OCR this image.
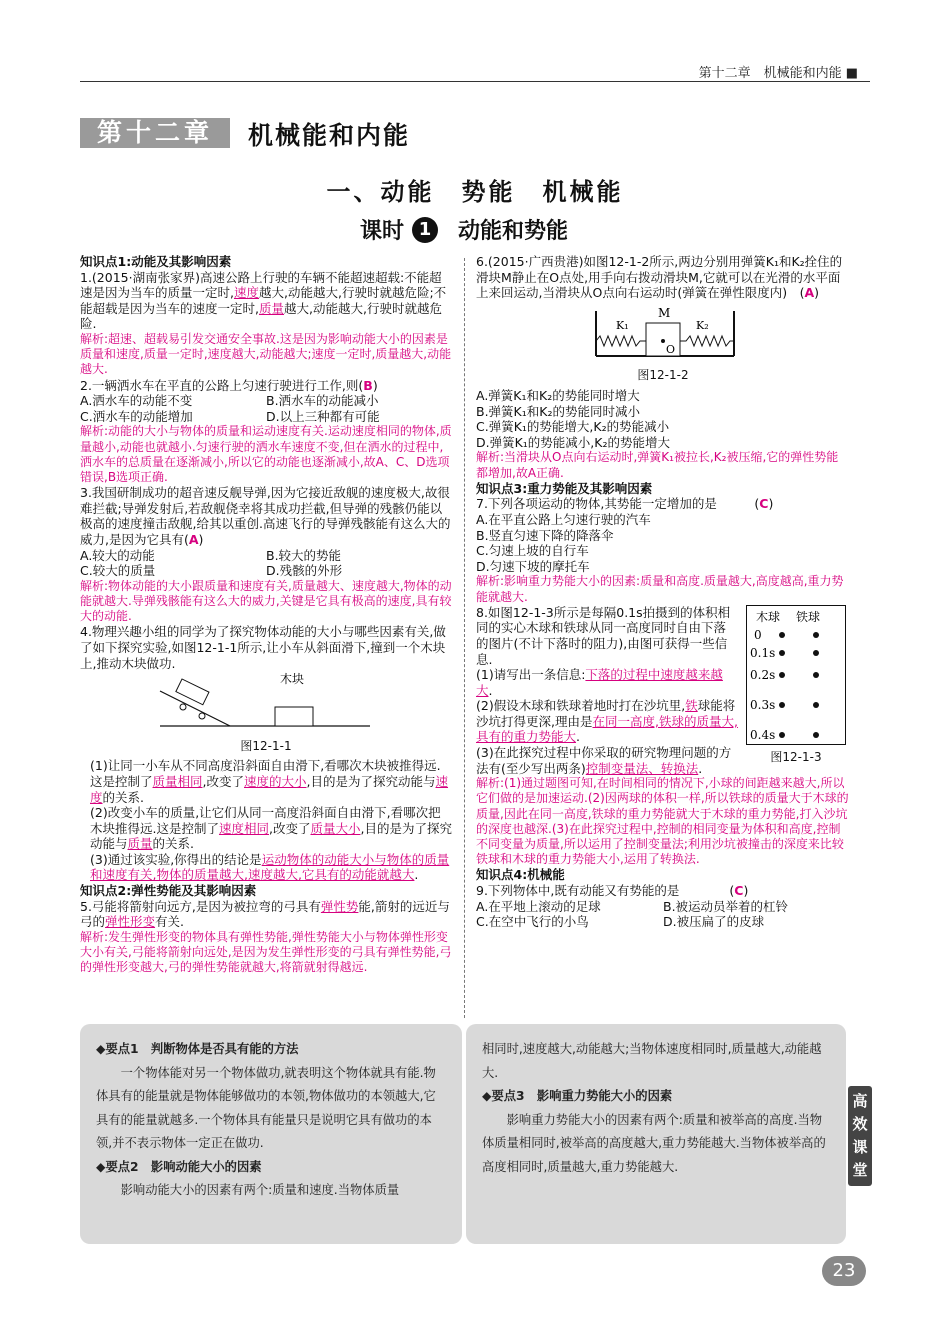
第十二章　机械能和内能 ■
第十二章	机械能和内能
一、动能　势能　机械能
课时 1	动能和势能
知识点1:动能及其影响因素

1.(2015·湖南张家界)高速公路上行驶的车辆不能超速超载:不能超速是因为当车的质量一定时,速度越大,动能越大,行驶时就越危险;不能超载是因为当车的速度一定时,质量越大,动能越大,行驶时就越危险.

解析:超速、超载易引发交通安全事故.这是因为影响动能大小的因素是质量和速度,质量一定时,速度越大,动能越大;速度一定时,质量越大,动能越大.

2.一辆洒水车在平直的公路上匀速行驶进行工作,则(B)

A.洒水车的动能不变	B.洒水车的动能减小
C.洒水车的动能增加	D.以上三种都有可能
解析:动能的大小与物体的质量和运动速度有关.运动速度相同的物体,质量越小,动能也就越小.匀速行驶的洒水车速度不变,但在洒水的过程中,洒水车的总质量在逐渐减小,所以它的动能也逐渐减小,故A、C、D选项错误,B选项正确.

3.我国研制成功的超音速反舰导弹,因为它接近敌舰的速度极大,故很难拦截;导弹发射后,若敌舰侥幸将其成功拦截,但导弹的残骸仍能以极高的速度撞击敌舰,给其以重创.高速飞行的导弹残骸能有这么大的威力,是因为它具有(A)

A.较大的动能	B.较大的势能
C.较大的质量	D.残骸的外形
解析:物体动能的大小跟质量和速度有关,质量越大、速度越大,物体的动能就越大.导弹残骸能有这么大的威力,关键是它具有极高的速度,具有较大的动能.

4.物理兴趣小组的同学为了探究物体动能的大小与哪些因素有关,做了如下探究实验,如图12-1-1所示,让小车从斜面滑下,撞到一个木块上,推动木块做功.

木块
图12-1-1

(1)让同一小车从不同高度沿斜面自由滑下,看哪次木块被推得远.这是控制了质量相同,改变了速度的大小,目的是为了探究动能与速度的关系.

(2)改变小车的质量,让它们从同一高度沿斜面自由滑下,看哪次把木块推得远.这是控制了速度相同,改变了质量大小,目的是为了探究动能与质量的关系.

(3)通过该实验,你得出的结论是运动物体的动能大小与物体的质量和速度有关,物体的质量越大,速度越大,它具有的动能就越大.

知识点2:弹性势能及其影响因素

5.弓能将箭射向远方,是因为被拉弯的弓具有弹性势能,箭射的远近与弓的弹性形变有关.

解析:发生弹性形变的物体具有弹性势能,弹性势能大小与物体弹性形变大小有关,弓能将箭射向远处,是因为发生弹性形变的弓具有弹性势能,弓的弹性形变越大,弓的弹性势能就越大,将箭就射得越远.

6.(2015·广西贵港)如图12-1-2所示,两边分别用弹簧K₁和K₂拴住的滑块M静止在O点处,用手向右拨动滑块M,它就可以在光滑的水平面上来回运动,当滑块从O点向右运动时(弹簧在弹性限度内)　(A)

M
K₁	K₂
O
图12-1-2
A.弹簧K₁和K₂的势能同时增大
B.弹簧K₁和K₂的势能同时减小
C.弹簧K₁的势能增大,K₂的势能减小
D.弹簧K₁的势能减小,K₂的势能增大
解析:当滑块从O点向右运动时,弹簧K₁被拉长,K₂被压缩,它的弹性势能都增加,故A正确.
知识点3:重力势能及其影响因素

7.下列各项运动的物体,其势能一定增加的是　　　(C)

A.在平直公路上匀速行驶的汽车
B.竖直匀速下降的降落伞
C.匀速上坡的自行车
D.匀速下坡的摩托车
解析:影响重力势能大小的因素:质量和高度.质量越大,高度越高,重力势能就越大.

8.如图12-1-3所示是每隔0.1s拍摄到的体积相同的实心木球和铁球从同一高度同时自由下落的图片(不计下落时的阻力),由图可获得一些信息.

(1)请写出一条信息:下落的过程中速度越来越大.

(2)假设木球和铁球着地时打在沙坑里,铁球能将沙坑打得更深,理由是在同一高度,铁球的质量大,具有的重力势能大.

(3)在此探究过程中你采取的研究物理问题的方法有(至少写出两条)控制变量法、转换法.

木球 铁球
0
0.1s
0.2s
0.3s
0.4s
图12-1-3
解析:(1)通过题图可知,在时间相同的情况下,小球的间距越来越大,所以它们做的是加速运动.(2)因两球的体积一样,所以铁球的质量大于木球的质量,因此在同一高度,铁球的重力势能就大于木球的重力势能,打入沙坑的深度也越深.(3)在此探究过程中,控制的相同变量为体积和高度,控制不同变量为质量,所以运用了控制变量法;利用沙坑被撞击的深度来比较铁球和木球的重力势能大小,运用了转换法.
知识点4:机械能

9.下列物体中,既有动能又有势能的是　　　　(C)

A.在平地上滚动的足球	B.被运动员举着的杠铃
C.在空中飞行的小鸟	D.被压扁了的皮球
◆要点1　判断物体是否具有能的方法

一个物体能对另一个物体做功,就表明这个物体就具有能.物体具有的能量就是物体能够做功的本领,物体做功的本领越大,它具有的能量就越多.一个物体具有能量只是说明它具有做功的本领,并不表示物体一定正在做功.

◆要点2　影响动能大小的因素

影响动能大小的因素有两个:质量和速度.当物体质量

相同时,速度越大,动能越大;当物体速度相同时,质量越大,动能越大.
◆要点3　影响重力势能大小的因素

影响重力势能大小的因素有两个:质量和被举高的高度.当物体质量相同时,被举高的高度越大,重力势能越大.当物体被举高的高度相同时,质量越大,重力势能越大.

高效课堂
23
